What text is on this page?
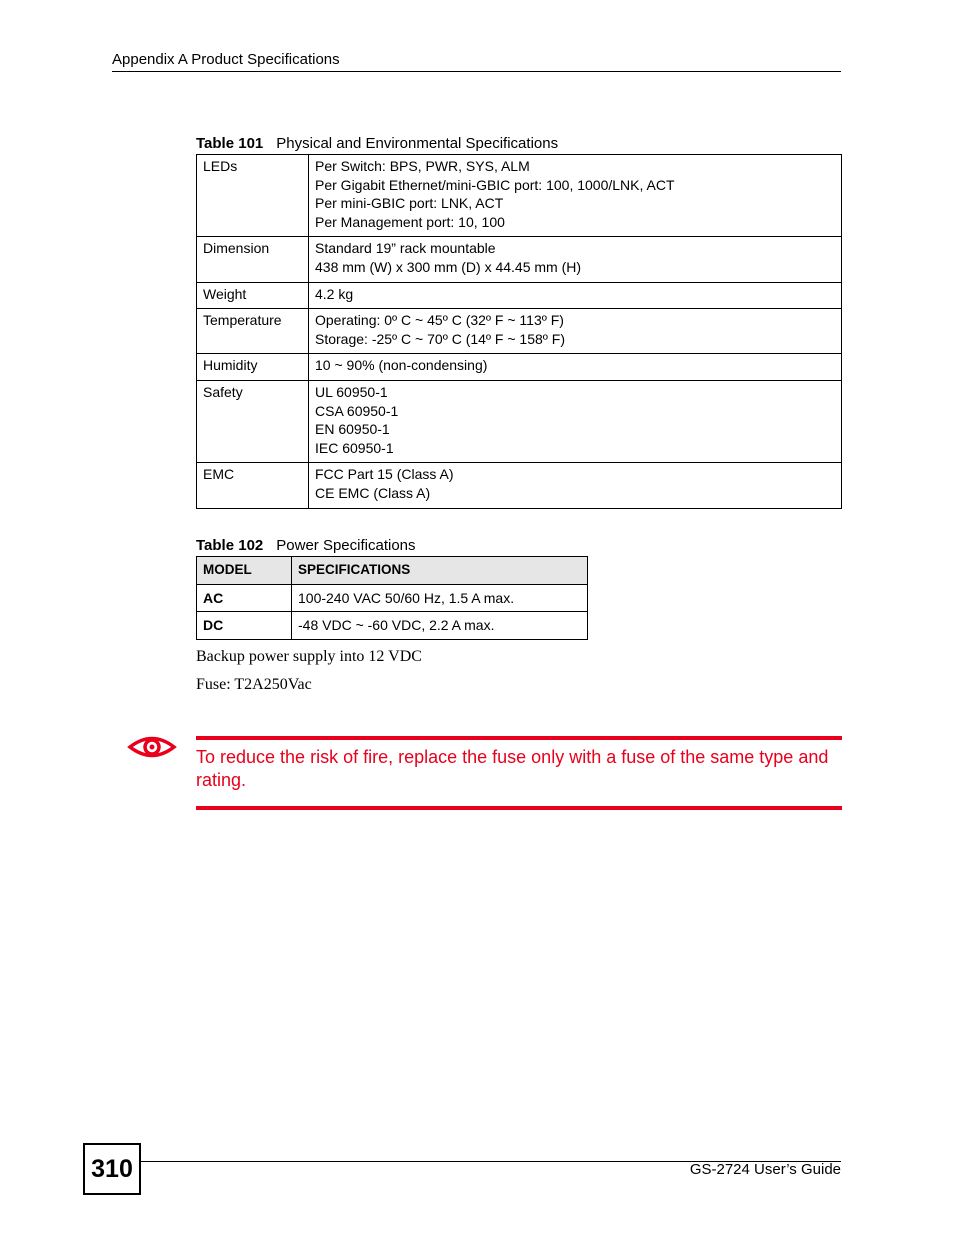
Appendix A Product Specifications
Table 101 Physical and Environmental Specifications
LEDs	Per Switch: BPS, PWR, SYS, ALM
Per Gigabit Ethernet/mini-GBIC port: 100, 1000/LNK, ACT
Per mini-GBIC port: LNK, ACT
Per Management port: 10, 100

Dimension	Standard 19” rack mountable
438 mm (W) x 300 mm (D) x 44.45 mm (H)

Weight	4.2 kg

Temperature	Operating: 0º C ~ 45º C (32º F ~ 113º F)
Storage: -25º C ~ 70º C (14º F ~ 158º F)

Humidity	10 ~ 90% (non-condensing)

Safety	UL 60950-1
CSA 60950-1
EN 60950-1
IEC 60950-1

EMC	FCC Part 15 (Class A)
CE EMC (Class A)
Table 102 Power Specifications
MODEL	SPECIFICATIONS
AC	100-240 VAC 50/60 Hz, 1.5 A max.
DC	-48 VDC ~ -60 VDC, 2.2 A max.
Backup power supply into 12 VDC
Fuse: T2A250Vac
To reduce the risk of fire, replace the fuse only with a fuse of the same type and rating.
310	GS-2724 User’s Guide
